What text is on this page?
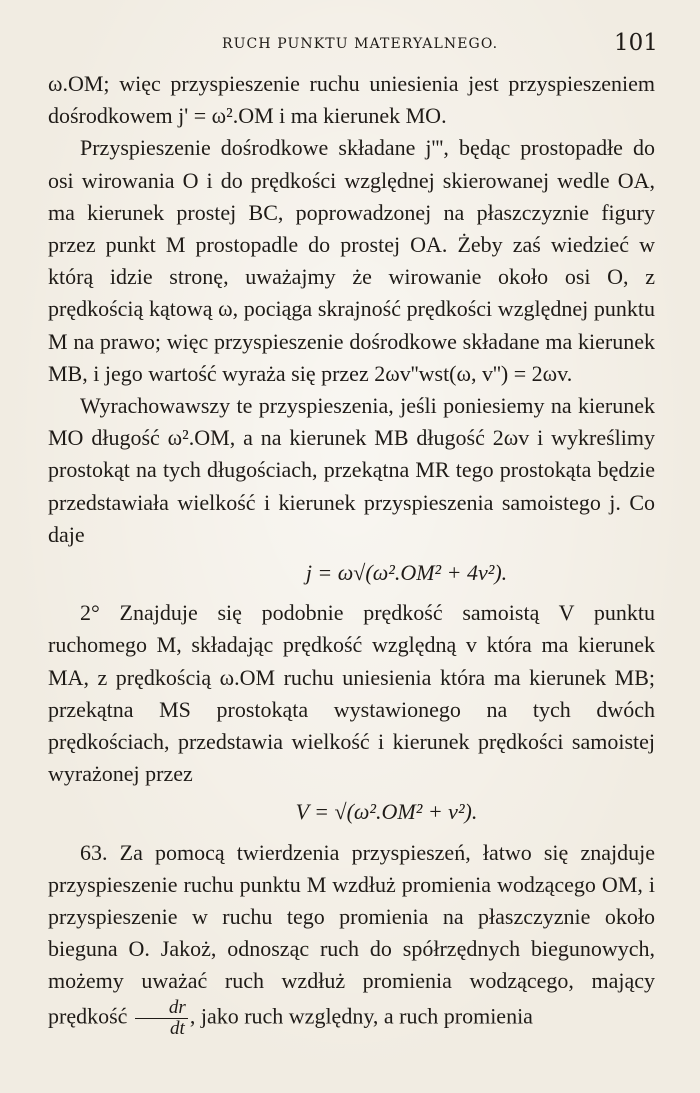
RUCH PUNKTU MATERYALNEGO.	101

ω.OM; więc przyspieszenie ruchu uniesienia jest przyspieszeniem dośrodkowem j' = ω².OM i ma kierunek MO.

Przyspieszenie dośrodkowe składane j''', będąc prostopadłe do osi wirowania O i do prędkości względnej skierowanej wedle OA, ma kierunek prostej BC, poprowadzonej na płaszczyznie figury przez punkt M prostopadle do prostej OA. Żeby zaś wiedzieć w którą idzie stronę, uważajmy że wirowanie około osi O, z prędkością kątową ω, pociąga skrajność prędkości względnej punktu M na prawo; więc przyspieszenie dośrodkowe składane ma kierunek MB, i jego wartość wyraża się przez 2ωv''wst(ω, v'') = 2ωv.

Wyrachowawszy te przyspieszenia, jeśli poniesiemy na kierunek MO długość ω².OM, a na kierunek MB długość 2ωv i wykreślimy prostokąt na tych długościach, przekątna MR tego prostokąta będzie przedstawiała wielkość i kierunek przyspieszenia samoistego j. Co daje

j = ω√(ω².OM² + 4v²).

2° Znajduje się podobnie prędkość samoistą V punktu ruchomego M, składając prędkość względną v która ma kierunek MA, z prędkością ω.OM ruchu uniesienia która ma kierunek MB; przekątna MS prostokąta wystawionego na tych dwóch prędkościach, przedstawia wielkość i kierunek prędkości samoistej wyrażonej przez

V = √(ω².OM² + v²).

63. Za pomocą twierdzenia przyspieszeń, łatwo się znajduje przyspieszenie ruchu punktu M wzdłuż promienia wodzącego OM, i przyspieszenie w ruchu tego promienia na płaszczyznie około bieguna O. Jakoż, odnosząc ruch do spółrzędnych biegunowych, możemy uważać ruch wzdłuż promienia wodzącego, mający prędkość $\frac{dr}{dt}$ , jako ruch względny, a ruch promienia
